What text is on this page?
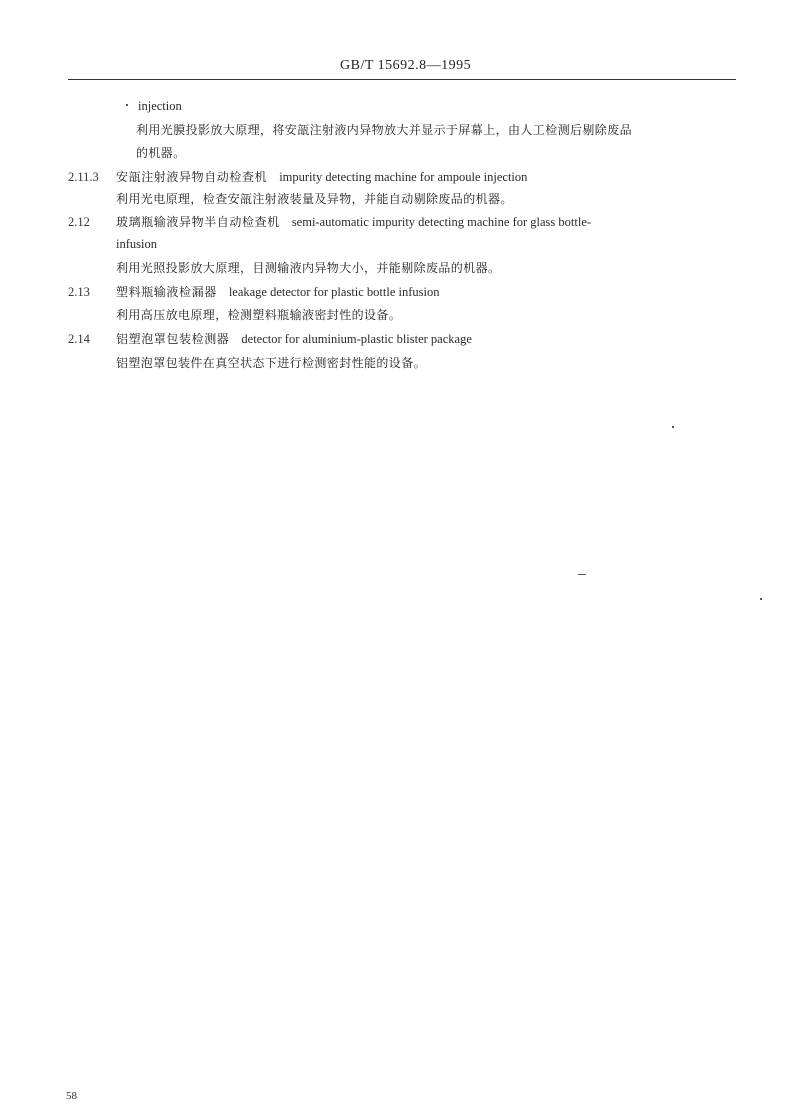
GB/T 15692.8—1995
injection
利用光膜投影放大原理，将安瓿注射液内异物放大并显示于屏幕上，由人工检测后剔除废品
的机器。
2.11.3 安瓿注射液异物自动检查机 impurity detecting machine for ampoule injection
利用光电原理，检查安瓿注射液装量及异物，并能自动剔除废品的机器。
2.12 玻璃瓶输液异物半自动检查机 semi-automatic impurity detecting machine for glass bottle-
infusion
利用光照投影放大原理，目测输液内异物大小，并能剔除废品的机器。
2.13 塑料瓶输液检漏器 leakage detector for plastic bottle infusion
利用高压放电原理，检测塑料瓶输液密封性的设备。
2.14 铝塑泡罩包装检测器 detector for aluminium-plastic blister package
铝塑泡罩包装件在真空状态下进行检测密封性能的设备。
58
